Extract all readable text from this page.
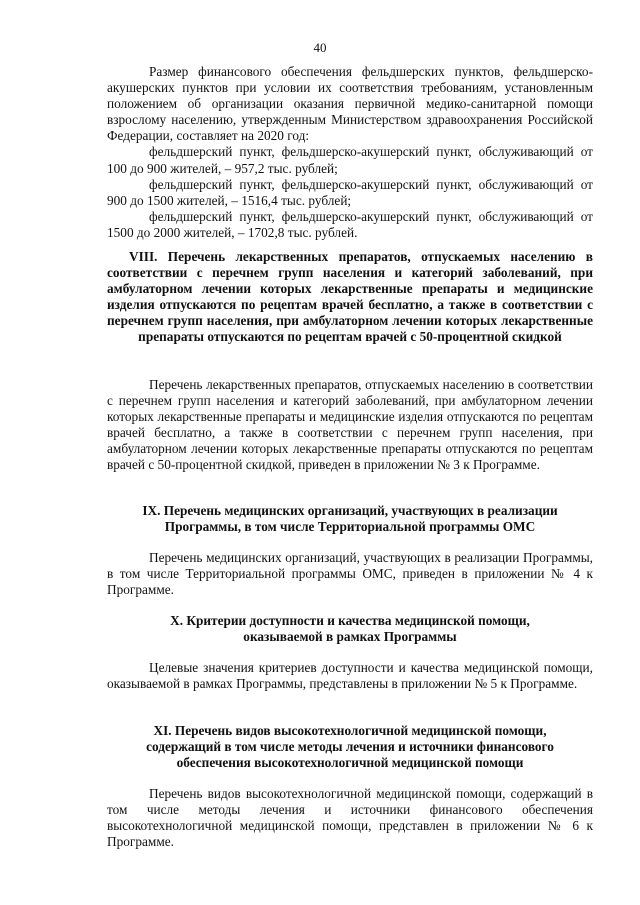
40

Размер финансового обеспечения фельдшерских пунктов, фельдшерско-акушерских пунктов при условии их соответствия требованиям, установленным положением об организации оказания первичной медико-санитарной помощи взрослому населению, утвержденным Министерством здравоохранения Российской Федерации, составляет на 2020 год:

фельдшерский пункт, фельдшерско-акушерский пункт, обслуживающий от 100 до 900 жителей, – 957,2 тыс. рублей;

фельдшерский пункт, фельдшерско-акушерский пункт, обслуживающий от 900 до 1500 жителей, – 1516,4 тыс. рублей;

фельдшерский пункт, фельдшерско-акушерский пункт, обслуживающий от 1500 до 2000 жителей, – 1702,8 тыс. рублей.

VIII. Перечень лекарственных препаратов, отпускаемых населению в соответствии с перечнем групп населения и категорий заболеваний, при амбулаторном лечении которых лекарственные препараты и медицинские изделия отпускаются по рецептам врачей бесплатно, а также в соответствии с перечнем групп населения, при амбулаторном лечении которых лекарственные препараты отпускаются по рецептам врачей с 50-процентной скидкой

Перечень лекарственных препаратов, отпускаемых населению в соответствии с перечнем групп населения и категорий заболеваний, при амбулаторном лечении которых лекарственные препараты и медицинские изделия отпускаются по рецептам врачей бесплатно, а также в соответствии с перечнем групп населения, при амбулаторном лечении которых лекарственные препараты отпускаются по рецептам врачей с 50-процентной скидкой, приведен в приложении № 3 к Программе.

IX. Перечень медицинских организаций, участвующих в реализации
Программы, в том числе Территориальной программы ОМС

Перечень медицинских организаций, участвующих в реализации Программы, в том числе Территориальной программы ОМС, приведен в приложении № 4 к Программе.

X. Критерии доступности и качества медицинской помощи,
оказываемой в рамках Программы

Целевые значения критериев доступности и качества медицинской помощи, оказываемой в рамках Программы, представлены в приложении № 5 к Программе.

XI. Перечень видов высокотехнологичной медицинской помощи,
содержащий в том числе методы лечения и источники финансового
обеспечения высокотехнологичной медицинской помощи

Перечень видов высокотехнологичной медицинской помощи, содержащий в том числе методы лечения и источники финансового обеспечения высокотехнологичной медицинской помощи, представлен в приложении № 6 к Программе.
